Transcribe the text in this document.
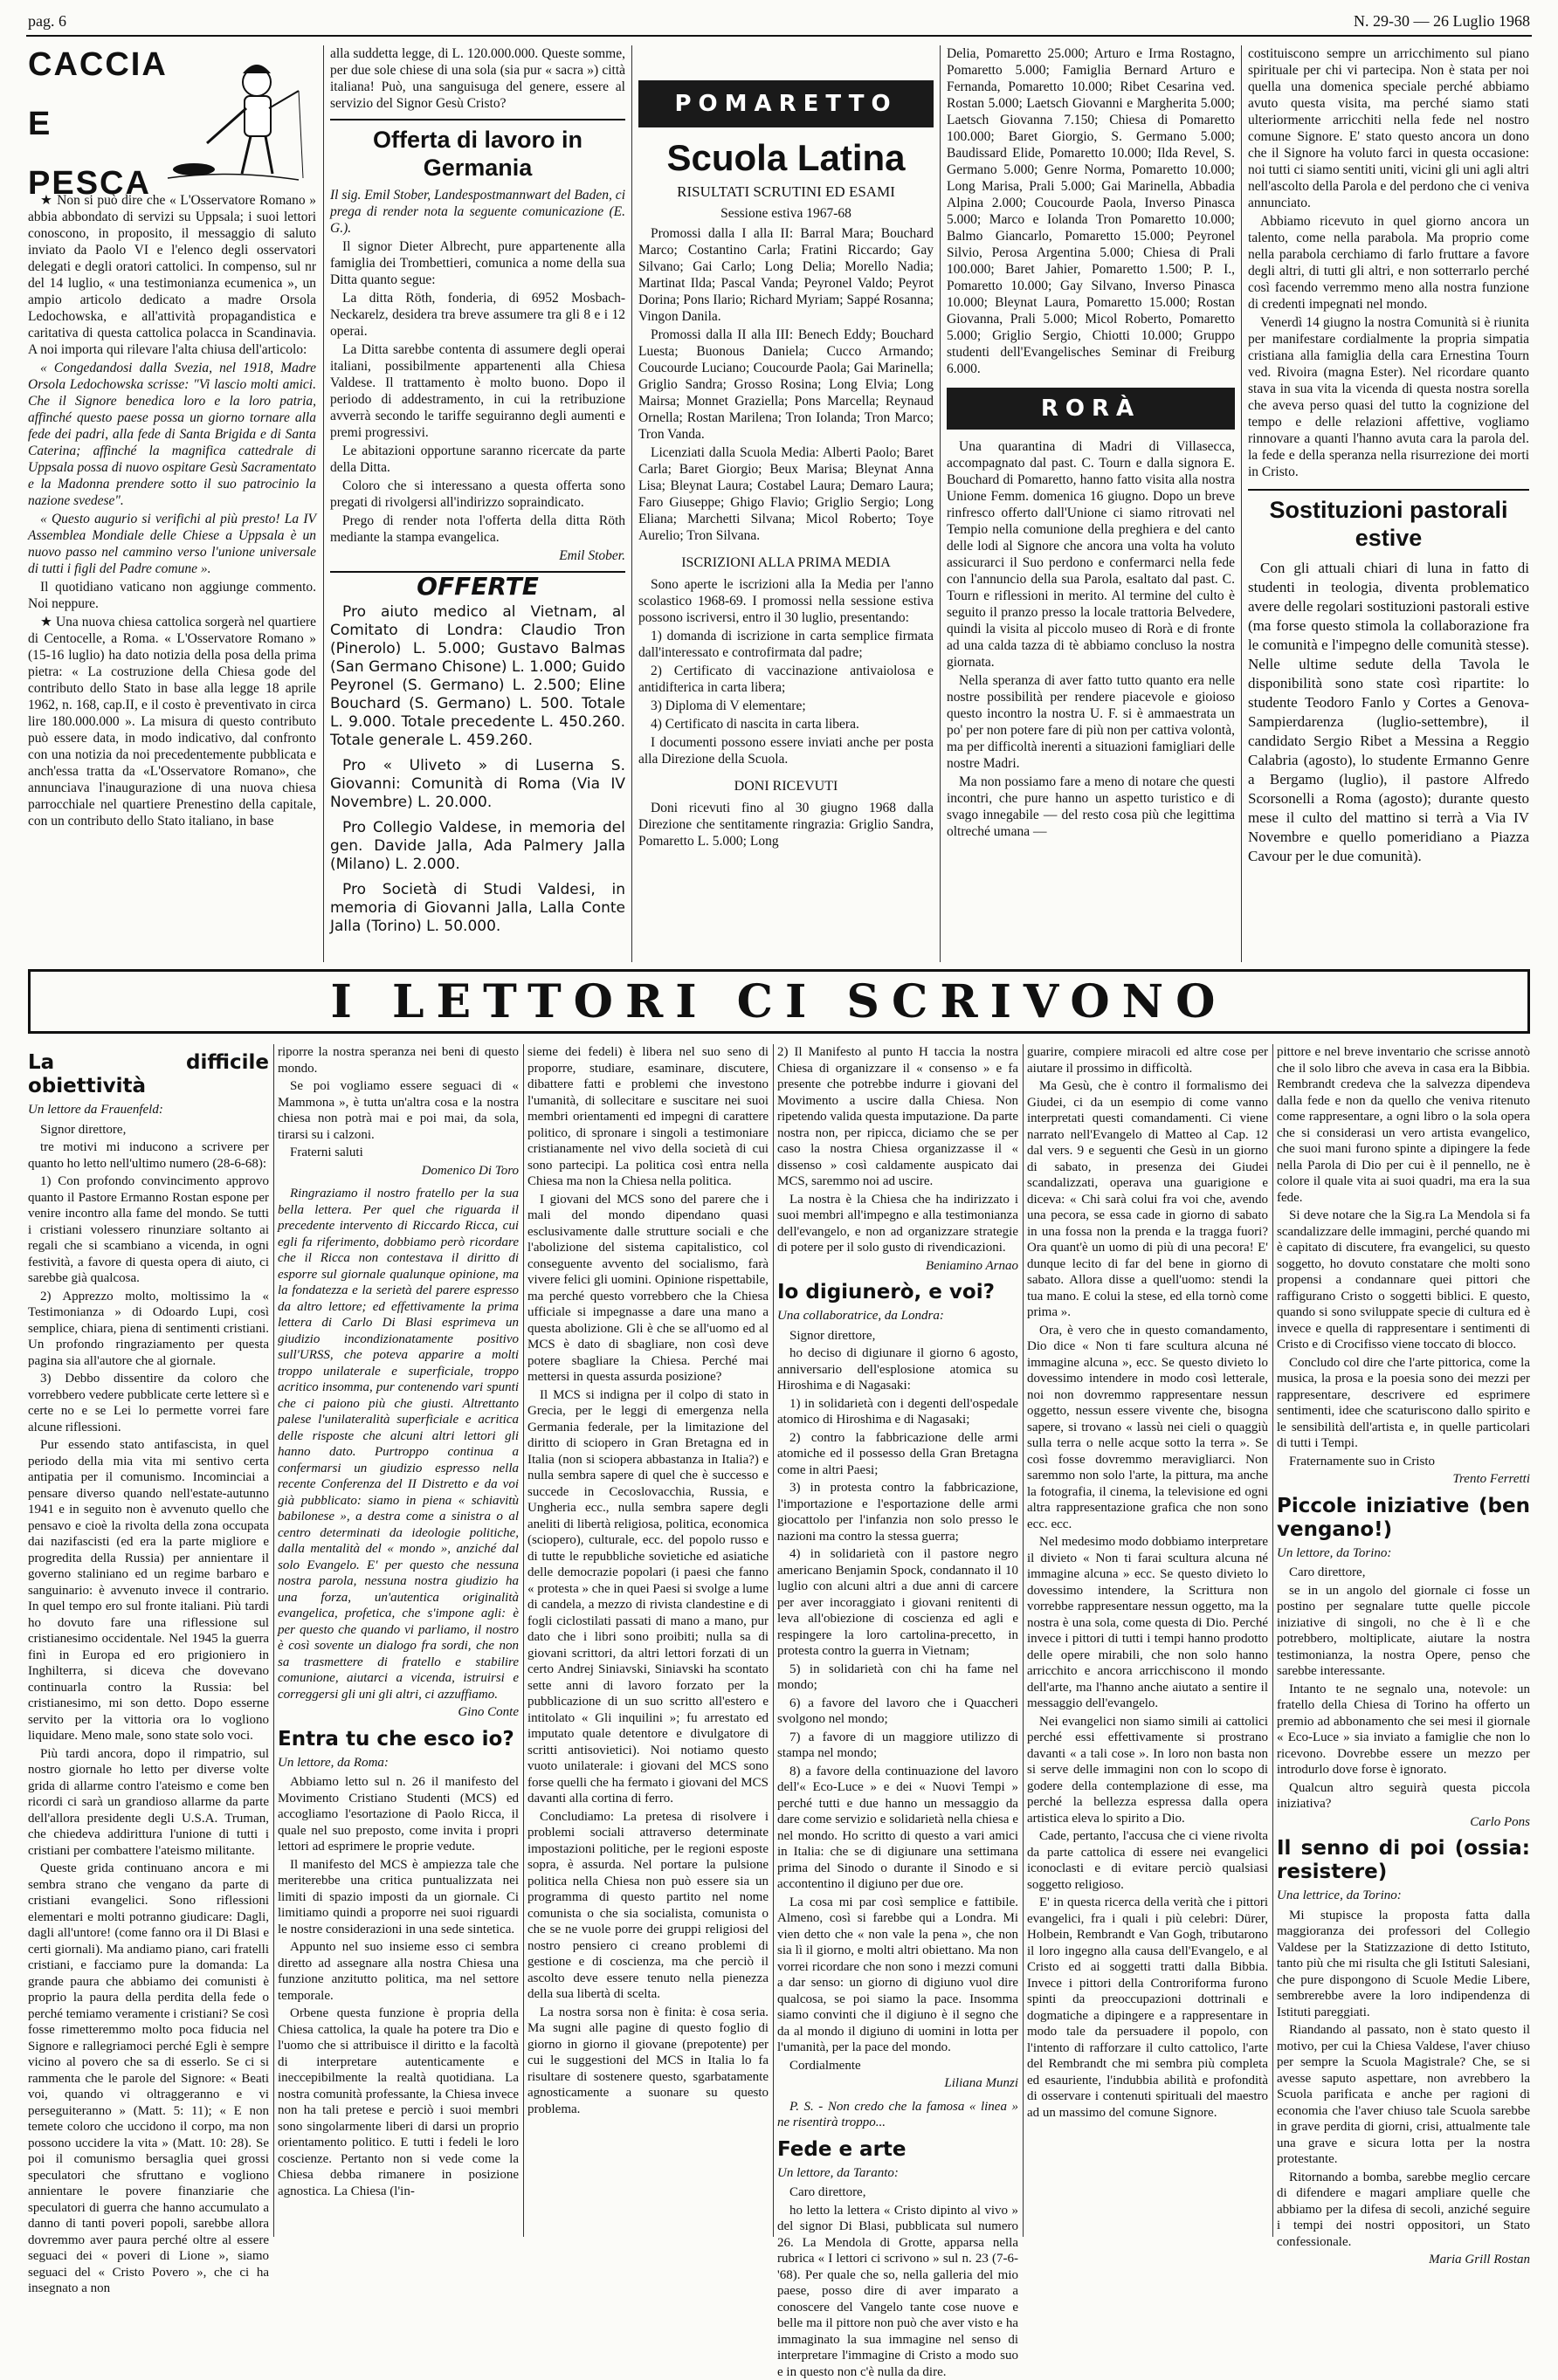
pag. 6	N. 29-30 — 26 Luglio 1968
CACCIA
E
PESCA

★ Non si può dire che « L'Osservatore Romano » abbia abbondato di servizi su Uppsala; i suoi lettori conoscono, in proposito, il messaggio di saluto inviato da Paolo VI e l'elenco degli osservatori delegati e degli oratori cattolici. In compenso, sul nr del 14 luglio, « una testimonianza ecumenica », un ampio articolo dedicato a madre Orsola Ledochowska, e all'attività propagandistica e caritativa di questa cattolica polacca in Scandinavia. A noi importa qui rilevare l'alta chiusa dell'articolo:

« Congedandosi dalla Svezia, nel 1918, Madre Orsola Ledochowska scrisse: "Vi lascio molti amici. Che il Signore benedica loro e la loro patria, affinché questo paese possa un giorno tornare alla fede dei padri, alla fede di Santa Brigida e di Santa Caterina; affinché la magnifica cattedrale di Uppsala possa di nuovo ospitare Gesù Sacramentato e la Madonna prendere sotto il suo patrocinio la nazione svedese".

« Questo augurio si verifichi al più presto! La IV Assemblea Mondiale delle Chiese a Uppsala è un nuovo passo nel cammino verso l'unione universale di tutti i figli del Padre comune ».

Il quotidiano vaticano non aggiunge commento. Noi neppure.

★ Una nuova chiesa cattolica sorgerà nel quartiere di Centocelle, a Roma. « L'Osservatore Romano » (15-16 luglio) ha dato notizia della posa della prima pietra: « La costruzione della Chiesa gode del contributo dello Stato in base alla legge 18 aprile 1962, n. 168, cap.II, e il costo è preventivato in circa lire 180.000.000 ». La misura di questo contributo può essere data, in modo indicativo, dal confronto con una notizia da noi precedentemente pubblicata e anch'essa tratta da «L'Osservatore Romano», che annunciava l'inaugurazione di una nuova chiesa parrocchiale nel quartiere Prenestino della capitale, con un contributo dello Stato italiano, in base

alla suddetta legge, di L. 120.000.000. Queste somme, per due sole chiese di una sola (sia pur « sacra ») città italiana! Può, una sanguisuga del genere, essere al servizio del Signor Gesù Cristo?

Offerta di lavoro in Germania

Il sig. Emil Stober, Landespostmannwart del Baden, ci prega di render nota la seguente comunicazione (E. G.).

Il signor Dieter Albrecht, pure appartenente alla famiglia dei Trombettieri, comunica a nome della sua Ditta quanto segue:

La ditta Röth, fonderia, di 6952 Mosbach-Neckarelz, desidera tra breve assumere tra gli 8 e i 12 operai.

La Ditta sarebbe contenta di assumere degli operai italiani, possibilmente appartenenti alla Chiesa Valdese. Il trattamento è molto buono. Dopo il periodo di addestramento, in cui la retribuzione avverrà secondo le tariffe seguiranno degli aumenti e premi progressivi.

Le abitazioni opportune saranno ricercate da parte della Ditta.

Coloro che si interessano a questa offerta sono pregati di rivolgersi all'indirizzo sopraindicato.

Prego di render nota l'offerta della ditta Röth mediante la stampa evangelica.

Emil Stober.
OFFERTE

Pro aiuto medico al Vietnam, al Comitato di Londra: Claudio Tron (Pinerolo) L. 5.000; Gustavo Balmas (San Germano Chisone) L. 1.000; Guido Peyronel (S. Germano) L. 2.500; Eline Bouchard (S. Germano) L. 500. Totale L. 9.000. Totale precedente L. 450.260. Totale generale L. 459.260.

Pro « Uliveto » di Luserna S. Giovanni: Comunità di Roma (Via IV Novembre) L. 20.000.

Pro Collegio Valdese, in memoria del gen. Davide Jalla, Ada Palmery Jalla (Milano) L. 2.000.

Pro Società di Studi Valdesi, in memoria di Giovanni Jalla, Lalla Conte Jalla (Torino) L. 50.000.

POMARETTO
Scuola Latina
RISULTATI SCRUTINI ED ESAMI
Sessione estiva 1967-68

Promossi dalla I alla II: Barral Mara; Bouchard Marco; Costantino Carla; Fratini Riccardo; Gay Silvano; Gai Carlo; Long Delia; Morello Nadia; Martinat Ilda; Pascal Vanda; Peyronel Valdo; Peyrot Dorina; Pons Ilario; Richard Myriam; Sappé Rosanna; Vingon Danila.

Promossi dalla II alla III: Benech Eddy; Bouchard Luesta; Buonous Daniela; Cucco Armando; Coucourde Luciano; Coucourde Paola; Gai Marinella; Griglio Sandra; Grosso Rosina; Long Elvia; Long Mairsa; Monnet Graziella; Pons Marcella; Reynaud Ornella; Rostan Marilena; Tron Iolanda; Tron Marco; Tron Vanda.

Licenziati dalla Scuola Media: Alberti Paolo; Baret Carla; Baret Giorgio; Beux Marisa; Bleynat Anna Lisa; Bleynat Laura; Costabel Laura; Demaro Laura; Faro Giuseppe; Ghigo Flavio; Griglio Sergio; Long Eliana; Marchetti Silvana; Micol Roberto; Toye Aurelio; Tron Silvana.

ISCRIZIONI ALLA PRIMA MEDIA

Sono aperte le iscrizioni alla Ia Media per l'anno scolastico 1968-69. I promossi nella sessione estiva possono iscriversi, entro il 30 luglio, presentando:

1) domanda di iscrizione in carta semplice firmata dall'interessato e controfirmata dal padre;

2) Certificato di vaccinazione antivaiolosa e antidifterica in carta libera;

3) Diploma di V elementare;

4) Certificato di nascita in carta libera.

I documenti possono essere inviati anche per posta alla Direzione della Scuola.

DONI RICEVUTI

Doni ricevuti fino al 30 giugno 1968 dalla Direzione che sentitamente ringrazia: Griglio Sandra, Pomaretto L. 5.000; Long

Delia, Pomaretto 25.000; Arturo e Irma Rostagno, Pomaretto 5.000; Famiglia Bernard Arturo e Fernanda, Pomaretto 10.000; Ribet Cesarina ved. Rostan 5.000; Laetsch Giovanni e Margherita 5.000; Laetsch Giovanna 7.150; Chiesa di Pomaretto 100.000; Baret Giorgio, S. Germano 5.000; Baudissard Elide, Pomaretto 10.000; Ilda Revel, S. Germano 5.000; Genre Norma, Pomaretto 10.000; Long Marisa, Prali 5.000; Gai Marinella, Abbadia Alpina 2.000; Coucourde Paola, Inverso Pinasca 5.000; Marco e Iolanda Tron Pomaretto 10.000; Balmo Giancarlo, Pomaretto 15.000; Peyronel Silvio, Perosa Argentina 5.000; Chiesa di Prali 100.000; Baret Jahier, Pomaretto 1.500; P. I., Pomaretto 10.000; Gay Silvano, Inverso Pinasca 10.000; Bleynat Laura, Pomaretto 15.000; Rostan Giovanna, Prali 5.000; Micol Roberto, Pomaretto 5.000; Griglio Sergio, Chiotti 10.000; Gruppo studenti dell'Evangelisches Seminar di Freiburg 6.000.

RORÀ

Una quarantina di Madri di Villasecca, accompagnato dal past. C. Tourn e dalla signora E. Bouchard di Pomaretto, hanno fatto visita alla nostra Unione Femm. domenica 16 giugno. Dopo un breve rinfresco offerto dall'Unione ci siamo ritrovati nel Tempio nella comunione della preghiera e del canto delle lodi al Signore che ancora una volta ha voluto assicurarci il Suo perdono e confermarci nella fede con l'annuncio della sua Parola, esaltato dal past. C. Tourn e riflessioni in merito. Al termine del culto è seguito il pranzo presso la locale trattoria Belvedere, quindi la visita al piccolo museo di Rorà e di fronte ad una calda tazza di tè abbiamo concluso la nostra giornata.

Nella speranza di aver fatto tutto quanto era nelle nostre possibilità per rendere piacevole e gioioso questo incontro la nostra U. F. si è ammaestrata un po' per non potere fare di più non per cattiva volontà, ma per difficoltà inerenti a situazioni famigliari delle nostre Madri.

Ma non possiamo fare a meno di notare che questi incontri, che pure hanno un aspetto turistico e di svago innegabile — del resto cosa più che legittima oltreché umana —

costituiscono sempre un arricchimento sul piano spirituale per chi vi partecipa. Non è stata per noi quella una domenica speciale perché abbiamo avuto questa visita, ma perché siamo stati ulteriormente arricchiti nella fede nel nostro comune Signore. E' stato questo ancora un dono che il Signore ha voluto farci in questa occasione: noi tutti ci siamo sentiti uniti, vicini gli uni agli altri nell'ascolto della Parola e del perdono che ci veniva annunciato.

Abbiamo ricevuto in quel giorno ancora un talento, come nella parabola. Ma proprio come nella parabola cerchiamo di farlo fruttare a favore degli altri, di tutti gli altri, e non sotterrarlo perché così facendo verremmo meno alla nostra funzione di credenti impegnati nel mondo.

Venerdì 14 giugno la nostra Comunità si è riunita per manifestare cordialmente la propria simpatia cristiana alla famiglia della cara Ernestina Tourn ved. Rivoira (magna Ester). Nel ricordare quanto stava in sua vita la vicenda di questa nostra sorella che aveva perso quasi del tutto la cognizione del tempo e delle relazioni affettive, vogliamo rinnovare a quanti l'hanno avuta cara la parola del. la fede e della speranza nella risurrezione dei morti in Cristo.

Sostituzioni pastorali estive

Con gli attuali chiari di luna in fatto di studenti in teologia, diventa problematico avere delle regolari sostituzioni pastorali estive (ma forse questo stimola la collaborazione fra le comunità e l'impegno delle comunità stesse). Nelle ultime sedute della Tavola le disponibilità sono state così ripartite: lo studente Teodoro Fanlo y Cortes a Genova-Sampierdarenza (luglio-settembre), il candidato Sergio Ribet a Messina a Reggio Calabria (agosto), lo studente Ermanno Genre a Bergamo (luglio), il pastore Alfredo Scorsonelli a Roma (agosto); durante questo mese il culto del mattino si terrà a Via IV Novembre e quello pomeridiano a Piazza Cavour per le due comunità).

I LETTORI CI SCRIVONO
La difficile obiettività
Un lettore da Frauenfeld:

Signor direttore,

tre motivi mi inducono a scrivere per quanto ho letto nell'ultimo numero (28-6-68):

1) Con profondo convincimento approvo quanto il Pastore Ermanno Rostan espone per venire incontro alla fame del mondo. Se tutti i cristiani volessero rinunziare soltanto ai regali che si scambiano a vicenda, in ogni festività, a favore di questa opera di aiuto, ci sarebbe già qualcosa.

2) Apprezzo molto, moltissimo la « Testimonianza » di Odoardo Lupi, così semplice, chiara, piena di sentimenti cristiani. Un profondo ringraziamento per questa pagina sia all'autore che al giornale.

3) Debbo dissentire da coloro che vorrebbero vedere pubblicate certe lettere sì e certe no e se Lei lo permette vorrei fare alcune riflessioni.

Pur essendo stato antifascista, in quel periodo della mia vita mi sentivo certa antipatia per il comunismo. Incominciai a pensare diverso quando nell'estate-autunno 1941 e in seguito non è avvenuto quello che pensavo e cioè la rivolta della zona occupata dai nazifascisti (ed era la parte migliore e progredita della Russia) per annientare il governo staliniano ed un regime barbaro e sanguinario: è avvenuto invece il contrario. In quel tempo ero sul fronte italiani. Più tardi ho dovuto fare una riflessione sul cristianesimo occidentale. Nel 1945 la guerra finì in Europa ed ero prigioniero in Inghilterra, si diceva che dovevano continuarla contro la Russia: bel cristianesimo, mi son detto. Dopo esserne servito per la vittoria ora lo vogliono liquidare. Meno male, sono state solo voci.

Più tardi ancora, dopo il rimpatrio, sul nostro giornale ho letto per diverse volte grida di allarme contro l'ateismo e come ben ricordi ci sarà un grandioso allarme da parte dell'allora presidente degli U.S.A. Truman, che chiedeva addirittura l'unione di tutti i cristiani per combattere l'ateismo militante.

Queste grida continuano ancora e mi sembra strano che vengano da parte di cristiani evangelici. Sono riflessioni elementari e molti potranno giudicare: Dagli, dagli all'untore! (come fanno ora il Di Blasi e certi giornali). Ma andiamo piano, cari fratelli cristiani, e facciamo pure la domanda: La grande paura che abbiamo dei comunisti è proprio la paura della perdita della fede o perché temiamo veramente i cristiani? Se così fosse rimetteremmo molto poca fiducia nel Signore e rallegriamoci perché Egli è sempre vicino al povero che sa di esserlo. Se ci si rammenta che le parole del Signore: « Beati voi, quando vi oltraggeranno e vi perseguiteranno » (Matt. 5: 11); « E non temete coloro che uccidono il corpo, ma non possono uccidere la vita » (Matt. 10: 28). Se poi il comunismo bersaglia quei grossi speculatori che sfruttano e vogliono annientare le povere finanziarie che speculatori di guerra che hanno accumulato a danno di tanti poveri popoli, sarebbe allora dovremmo aver paura perché oltre al essere seguaci dei « poveri di Lione », siamo seguaci del « Cristo Povero », che ci ha insegnato a non

riporre la nostra speranza nei beni di questo mondo.

Se poi vogliamo essere seguaci di « Mammona », è tutta un'altra cosa e la nostra chiesa non potrà mai e poi mai, da sola, tirarsi su i calzoni.

Fraterni saluti

Domenico Di Toro

Ringraziamo il nostro fratello per la sua bella lettera. Per quel che riguarda il precedente intervento di Riccardo Ricca, cui egli fa riferimento, dobbiamo però ricordare che il Ricca non contestava il diritto di esporre sul giornale qualunque opinione, ma la fondatezza e la serietà del parere espresso da altro lettore; ed effettivamente la prima lettera di Carlo Di Blasi esprimeva un giudizio incondizionatamente positivo sull'URSS, che poteva apparire a molti troppo unilaterale e superficiale, troppo acritico insomma, pur contenendo vari spunti che ci paiono più che giusti. Altrettanto palese l'unilateralità superficiale e acritica delle risposte che alcuni altri lettori gli hanno dato. Purtroppo continua a confermarsi un giudizio espresso nella recente Conferenza del II Distretto e da voi già pubblicato: siamo in piena « schiavitù babilonese », a destra come a sinistra o al centro determinati da ideologie politiche, dalla mentalità del « mondo », anziché dal solo Evangelo. E' per questo che nessuna nostra parola, nessuna nostra giudizio ha una forza, un'autentica originalità evangelica, profetica, che s'impone agli: è per questo che quando vi parliamo, il nostro è così sovente un dialogo fra sordi, che non sa trasmettere di fratello e stabilire comunione, aiutarci a vicenda, istruirsi e correggersi gli uni gli altri, ci azzuffiamo.

Gino Conte
Entra tu che esco io?
Un lettore, da Roma:

Abbiamo letto sul n. 26 il manifesto del Movimento Cristiano Studenti (MCS) ed accogliamo l'esortazione di Paolo Ricca, il quale nel suo preposto, come invita i propri lettori ad esprimere le proprie vedute.

Il manifesto del MCS è ampiezza tale che meriterebbe una critica puntualizzata nei limiti di spazio imposti da un giornale. Ci limitiamo quindi a proporre nei suoi riguardi le nostre considerazioni in una sede sintetica.

Appunto nel suo insieme esso ci sembra diretto ad assegnare alla nostra Chiesa una funzione anzitutto politica, ma nel settore temporale.

Orbene questa funzione è propria della Chiesa cattolica, la quale ha potere tra Dio e l'uomo che si attribuisce il diritto e la facoltà di interpretare autenticamente e ineccepibilmente la realtà quotidiana. La nostra comunità professante, la Chiesa invece non ha tali pretese e perciò i suoi membri sono singolarmente liberi di darsi un proprio orientamento politico. E tutti i fedeli le loro coscienze. Pertanto non si vede come la Chiesa debba rimanere in posizione agnostica. La Chiesa (l'in-

sieme dei fedeli) è libera nel suo seno di proporre, studiare, esaminare, discutere, dibattere fatti e problemi che investono l'umanità, di sollecitare e suscitare nei suoi membri orientamenti ed impegni di carattere politico, di spronare i singoli a testimoniare cristianamente nel vivo della società di cui sono partecipi. La politica così entra nella Chiesa ma non la Chiesa nella politica.

I giovani del MCS sono del parere che i mali del mondo dipendano quasi esclusivamente dalle strutture sociali e che l'abolizione del sistema capitalistico, col conseguente avvento del socialismo, farà vivere felici gli uomini. Opinione rispettabile, ma perché questo vorrebbero che la Chiesa ufficiale si impegnasse a dare una mano a questa abolizione. Gli è che se all'uomo ed al MCS è dato di sbagliare, non così deve potere sbagliare la Chiesa. Perché mai mettersi in questa assurda posizione?

Il MCS si indigna per il colpo di stato in Grecia, per le leggi di emergenza nella Germania federale, per la limitazione del diritto di sciopero in Gran Bretagna ed in Italia (non si sciopera abbastanza in Italia?) e nulla sembra sapere di quel che è successo e succede in Cecoslovacchia, Russia, e Ungheria ecc., nulla sembra sapere degli aneliti di libertà religiosa, politica, economica (sciopero), culturale, ecc. del popolo russo e di tutte le repubbliche sovietiche ed asiatiche delle democrazie popolari (i paesi che fanno « protesta » che in quei Paesi si svolge a lume di candela, a mezzo di rivista clandestine e di fogli ciclostilati passati di mano a mano, pur dato che i libri sono proibiti; nulla sa di giovani scrittori, da altri lettori forzati di un certo Andrej Siniavski, Siniavski ha scontato sette anni di lavoro forzato per la pubblicazione di un suo scritto all'estero e intitolato « Gli inquilini »; fu arrestato ed imputato quale detentore e divulgatore di scritti antisovietici). Noi notiamo questo vuoto unilaterale: i giovani del MCS sono forse quelli che ha fermato i giovani del MCS davanti alla cortina di ferro.

Concludiamo: La pretesa di risolvere i problemi sociali attraverso determinate impostazioni politiche, per le regioni esposte sopra, è assurda. Nel portare la pulsione politica nella Chiesa non può essere sia un programma di questo partito nel nome comunista o che sia socialista, comunista o che se ne vuole porre dei gruppi religiosi del nostro pensiero ci creano problemi di gestione e di coscienza, ma che perciò il ascolto deve essere tenuto nella pienezza della sua libertà di scelta.

La nostra sorsa non è finita: è cosa seria. Ma sugni alle pagine di questo foglio di giorno in giorno il giovane (prepotente) per cui le suggestioni del MCS in Italia lo fa risultare di sostenere questo, sgarbatamente agnosticamente a suonare su questo problema.

2) Il Manifesto al punto H taccia la nostra Chiesa di organizzare il « consenso » e fa presente che potrebbe indurre i giovani del Movimento a uscire dalla Chiesa. Non ripetendo valida questa imputazione. Da parte nostra non, per ripicca, diciamo che se per caso la nostra Chiesa organizzasse il « dissenso » così caldamente auspicato dai MCS, saremmo noi ad uscire.

La nostra è la Chiesa che ha indirizzato i suoi membri all'impegno e alla testimonianza dell'evangelo, e non ad organizzare strategie di potere per il solo gusto di rivendicazioni.

Beniamino Arnao
Io digiunerò, e voi?
Una collaboratrice, da Londra:

Signor direttore,

ho deciso di digiunare il giorno 6 agosto, anniversario dell'esplosione atomica su Hiroshima e di Nagasaki:

1) in solidarietà con i degenti dell'ospedale atomico di Hiroshima e di Nagasaki;

2) contro la fabbricazione delle armi atomiche ed il possesso della Gran Bretagna come in altri Paesi;

3) in protesta contro la fabbricazione, l'importazione e l'esportazione delle armi giocattolo per l'infanzia non solo presso le nazioni ma contro la stessa guerra;

4) in solidarietà con il pastore negro americano Benjamin Spock, condannato il 10 luglio con alcuni altri a due anni di carcere per aver incoraggiato i giovani renitenti di leva all'obiezione di coscienza ed agli e respingere la loro cartolina-precetto, in protesta contro la guerra in Vietnam;

5) in solidarietà con chi ha fame nel mondo;

6) a favore del lavoro che i Quaccheri svolgono nel mondo;

7) a favore di un maggiore utilizzo di stampa nel mondo;

8) a favore della continuazione del lavoro dell'« Eco-Luce » e dei « Nuovi Tempi » perché tutti e due hanno un messaggio da dare come servizio e solidarietà nella chiesa e nel mondo. Ho scritto di questo a vari amici in Italia: che se di digiunare una settimana prima del Sinodo o durante il Sinodo e si accontentino il digiuno per due ore.

La cosa mi par così semplice e fattibile. Almeno, così si farebbe qui a Londra. Mi vien detto che « non vale la pena », che non sia lì il giorno, e molti altri obiettano. Ma non vorrei ricordare che non sono i mezzi comuni a dar senso: un giorno di digiuno vuol dire qualcosa, se poi siamo la pace. Insomma siamo convinti che il digiuno è il segno che da al mondo il digiuno di uomini in lotta per l'umanità, per la pace del mondo.

Cordialmente

Liliana Munzi

P. S. - Non credo che la famosa « linea » ne risentirà troppo...

Fede e arte
Un lettore, da Taranto:

Caro direttore,

ho letto la lettera « Cristo dipinto al vivo » del signor Di Blasi, pubblicata sul numero 26. La Mendola di Grotte, apparsa nella rubrica « I lettori ci scrivono » sul n. 23 (7-6-'68). Per quale che so, nella galleria del mio paese, posso dire di aver imparato a conoscere del Vangelo tante cose nuove e belle ma il pittore non può che aver visto e ha immaginato la sua immagine nel senso di interpretare l'immagine di Cristo a modo suo e in questo non c'è nulla da dire.

guarire, compiere miracoli ed altre cose per aiutare il prossimo in difficoltà.

Ma Gesù, che è contro il formalismo dei Giudei, ci da un esempio di come vanno interpretati questi comandamenti. Ci viene narrato nell'Evangelo di Matteo al Cap. 12 dal vers. 9 e seguenti che Gesù in un giorno di sabato, in presenza dei Giudei scandalizzati, operava una guarigione e diceva: « Chi sarà colui fra voi che, avendo una pecora, se essa cade in giorno di sabato in una fossa non la prenda e la tragga fuori? Ora quant'è un uomo di più di una pecora! E' dunque lecito di far del bene in giorno di sabato. Allora disse a quell'uomo: stendi la tua mano. E colui la stese, ed ella tornò come prima ».

Ora, è vero che in questo comandamento, Dio dice « Non ti fare scultura alcuna né immagine alcuna », ecc. Se questo divieto lo dovessimo intendere in modo così letterale, noi non dovremmo rappresentare nessun oggetto, nessun essere vivente che, bisogna sapere, si trovano « lassù nei cieli o quaggiù sulla terra o nelle acque sotto la terra ». Se così fosse dovremmo meravigliarci. Non saremmo non solo l'arte, la pittura, ma anche la fotografia, il cinema, la televisione ed ogni altra rappresentazione grafica che non sono ecc. ecc.

Nel medesimo modo dobbiamo interpretare il divieto « Non ti farai scultura alcuna né immagine alcuna » ecc. Se questo divieto lo dovessimo intendere, la Scrittura non vorrebbe rappresentare nessun oggetto, ma la nostra è una sola, come questa di Dio. Perché invece i pittori di tutti i tempi hanno prodotto delle opere mirabili, che non solo hanno arricchito e ancora arricchiscono il mondo dell'arte, ma l'hanno anche aiutato a sentire il messaggio dell'evangelo.

Nei evangelici non siamo simili ai cattolici perché essi effettivamente si prostrano davanti « a tali cose ». In loro non basta non si serve delle immagini non con lo scopo di godere della contemplazione di esse, ma perché la bellezza espressa dalla opera artistica eleva lo spirito a Dio.

Cade, pertanto, l'accusa che ci viene rivolta da parte cattolica di essere nei evangelici iconoclasti e di evitare perciò qualsiasi soggetto religioso.

E' in questa ricerca della verità che i pittori evangelici, fra i quali i più celebri: Dürer, Holbein, Rembrandt e Van Gogh, tributarono il loro ingegno alla causa dell'Evangelo, e al Cristo ed ai soggetti tratti dalla Bibbia. Invece i pittori della Controriforma furono spinti da preoccupazioni dottrinali e dogmatiche a dipingere e a rappresentare in modo tale da persuadere il popolo, con l'intento di rafforzare il culto cattolico, l'arte del Rembrandt che mi sembra più completa ed esauriente, l'indubbia abilità e profondità di osservare i contenuti spirituali del maestro ad un massimo del comune Signore.

pittore e nel breve inventario che scrisse annotò che il solo libro che aveva in casa era la Bibbia. Rembrandt credeva che la salvezza dipendeva dalla fede e non da quello che veniva ritenuto come rappresentare, a ogni libro o la sola opera che si considerasi un vero artista evangelico, che suoi mani furono spinte a dipingere la fede nella Parola di Dio per cui è il pennello, ne è colore il quale vita ai suoi quadri, ma era la sua fede.

Si deve notare che la Sig.ra La Mendola si fa scandalizzare delle immagini, perché quando mi è capitato di discutere, fra evangelici, su questo soggetto, ho dovuto constatare che molti sono propensi a condannare quei pittori che raffigurano Cristo o soggetti biblici. E questo, quando si sono sviluppate specie di cultura ed è invece e quella di rappresentare i sentimenti di Cristo e di Crocifisso viene toccato di blocco.

Concludo col dire che l'arte pittorica, come la musica, la prosa e la poesia sono dei mezzi per rappresentare, descrivere ed esprimere sentimenti, idee che scaturiscono dallo spirito e le sensibilità dell'artista e, in quelle particolari di tutti i Tempi.

Fraternamente suo in Cristo

Trento Ferretti
Piccole iniziative (ben vengano!)
Un lettore, da Torino:

Caro direttore,

se in un angolo del giornale ci fosse un postino per segnalare tutte quelle piccole iniziative di singoli, no che è lì e che potrebbero, moltiplicate, aiutare la nostra testimonianza, la nostra Opere, penso che sarebbe interessante.

Intanto te ne segnalo una, notevole: un fratello della Chiesa di Torino ha offerto un premio ad abbonamento che sei mesi il giornale « Eco-Luce » sia inviato a famiglie che non lo ricevono. Dovrebbe essere un mezzo per introdurlo dove forse è ignorato.

Qualcun altro seguirà questa piccola iniziativa?

Carlo Pons
Il senno di poi (ossia: resistere)
Una lettrice, da Torino:

Mi stupisce la proposta fatta dalla maggioranza dei professori del Collegio Valdese per la Statizzazione di detto Istituto, tanto più che mi risulta che gli Istituti Salesiani, che pure dispongono di Scuole Medie Libere, sembrerebbe avere la loro indipendenza di Istituti pareggiati.

Riandando al passato, non è stato questo il motivo, per cui la Chiesa Valdese, l'aver chiuso per sempre la Scuola Magistrale? Che, se si avesse saputo aspettare, non avrebbero la Scuola parificata e anche per ragioni di economia che l'aver chiuso tale Scuola sarebbe in grave perdita di giorni, crisi, attualmente tale una grave e sicura lotta per la nostra protestante.

Ritornando a bomba, sarebbe meglio cercare di difendere e magari ampliare quelle che abbiamo per la difesa di secoli, anziché seguire i tempi dei nostri oppositori, un Stato confessionale.

Maria Grill Rostan
